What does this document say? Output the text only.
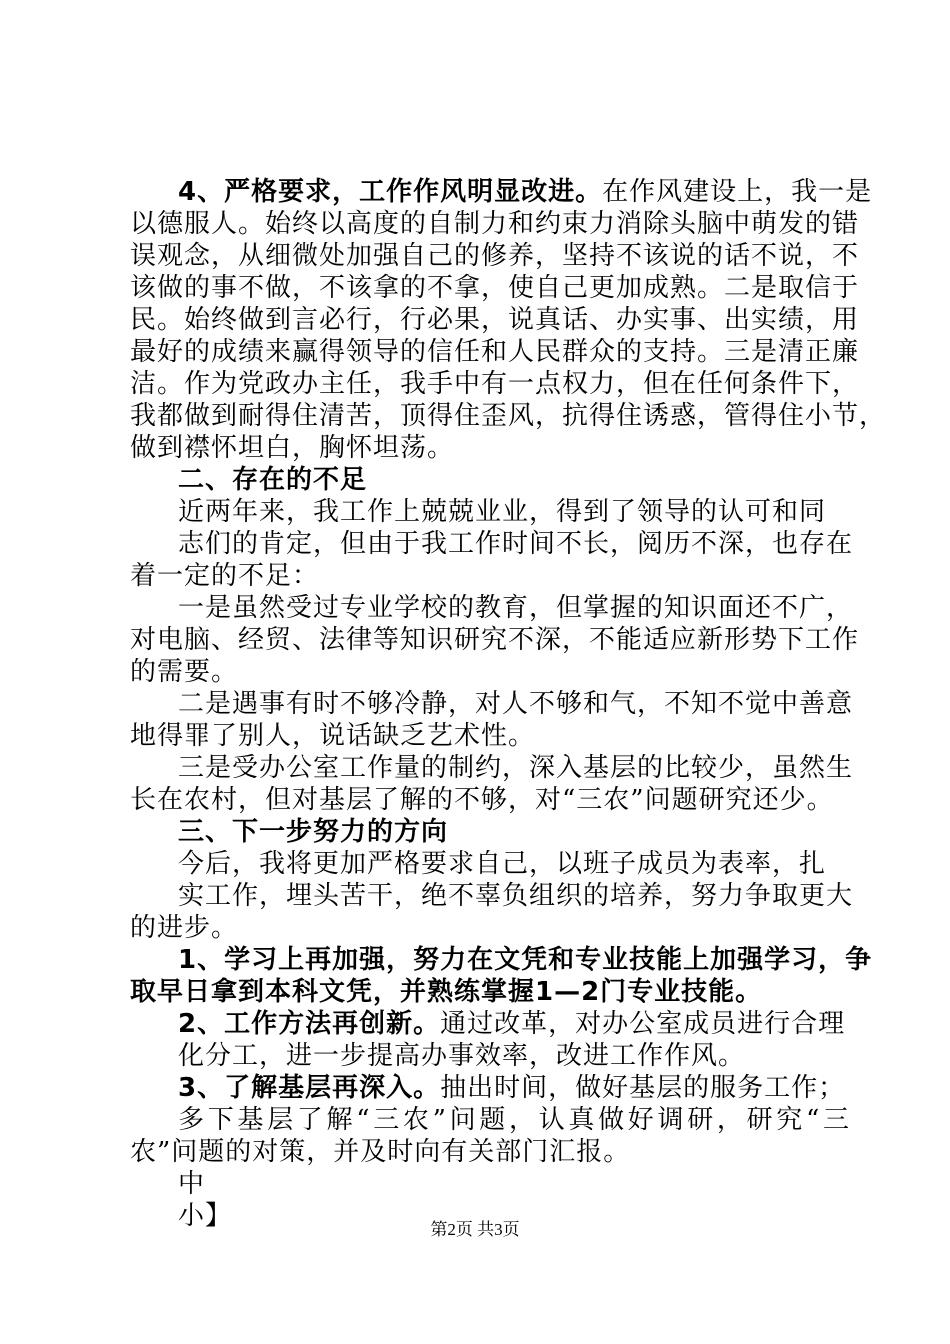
4、严格要求，工作作风明显改进。在作风建设上，我一是
以德服人。始终以高度的自制力和约束力消除头脑中萌发的错
误观念，从细微处加强自己的修养，坚持不该说的话不说，不
该做的事不做，不该拿的不拿，使自己更加成熟。二是取信于
民。始终做到言必行，行必果，说真话、办实事、出实绩，用
最好的成绩来赢得领导的信任和人民群众的支持。三是清正廉
洁。作为党政办主任，我手中有一点权力，但在任何条件下，
我都做到耐得住清苦，顶得住歪风，抗得住诱惑，管得住小节，
做到襟怀坦白，胸怀坦荡。
二、存在的不足
近两年来，我工作上兢兢业业，得到了领导的认可和同
志们的肯定，但由于我工作时间不长，阅历不深，也存在
着一定的不足：
一是虽然受过专业学校的教育，但掌握的知识面还不广，
对电脑、经贸、法律等知识研究不深，不能适应新形势下工作
的需要。
二是遇事有时不够冷静，对人不够和气，不知不觉中善意
地得罪了别人，说话缺乏艺术性。
三是受办公室工作量的制约，深入基层的比较少，虽然生
长在农村，但对基层了解的不够，对“三农”问题研究还少。
三、下一步努力的方向
今后，我将更加严格要求自己，以班子成员为表率，扎
实工作，埋头苦干，绝不辜负组织的培养，努力争取更大
的进步。
1、学习上再加强，努力在文凭和专业技能上加强学习，争
取早日拿到本科文凭，并熟练掌握1—2门专业技能。
2、工作方法再创新。通过改革，对办公室成员进行合理
化分工，进一步提高办事效率，改进工作作风。
3、了解基层再深入。抽出时间，做好基层的服务工作；
多下基层了解“三农”问题，认真做好调研，研究“三
农”问题的对策，并及时向有关部门汇报。
中
小】	第2页 共3页
